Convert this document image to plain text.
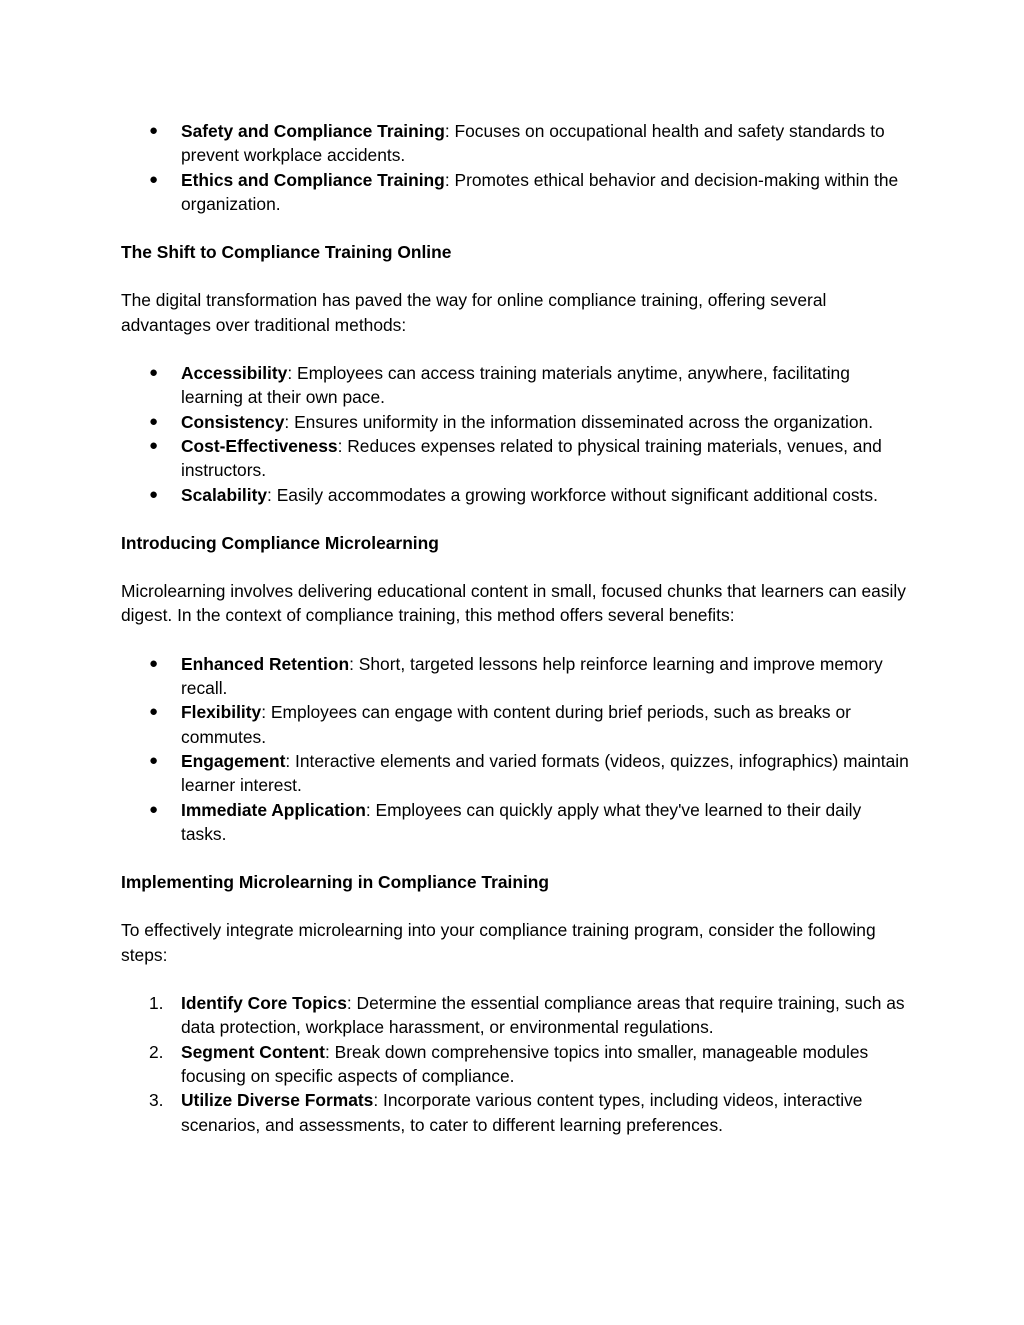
●	Safety and Compliance Training: Focuses on occupational health and safety standards to prevent workplace accidents.
●	Ethics and Compliance Training: Promotes ethical behavior and decision-making within the organization.
The Shift to Compliance Training Online

The digital transformation has paved the way for online compliance training, offering several advantages over traditional methods:

●	Accessibility: Employees can access training materials anytime, anywhere, facilitating learning at their own pace.
●	Consistency: Ensures uniformity in the information disseminated across the organization.
●	Cost-Effectiveness: Reduces expenses related to physical training materials, venues, and instructors.
●	Scalability: Easily accommodates a growing workforce without significant additional costs.
Introducing Compliance Microlearning

Microlearning involves delivering educational content in small, focused chunks that learners can easily digest. In the context of compliance training, this method offers several benefits:

●	Enhanced Retention: Short, targeted lessons help reinforce learning and improve memory recall.
●	Flexibility: Employees can engage with content during brief periods, such as breaks or commutes.
●	Engagement: Interactive elements and varied formats (videos, quizzes, infographics) maintain learner interest.
●	Immediate Application: Employees can quickly apply what they've learned to their daily tasks.
Implementing Microlearning in Compliance Training

To effectively integrate microlearning into your compliance training program, consider the following steps:

1.	Identify Core Topics: Determine the essential compliance areas that require training, such as data protection, workplace harassment, or environmental regulations.
2.	Segment Content: Break down comprehensive topics into smaller, manageable modules focusing on specific aspects of compliance.
3.	Utilize Diverse Formats: Incorporate various content types, including videos, interactive scenarios, and assessments, to cater to different learning preferences.
